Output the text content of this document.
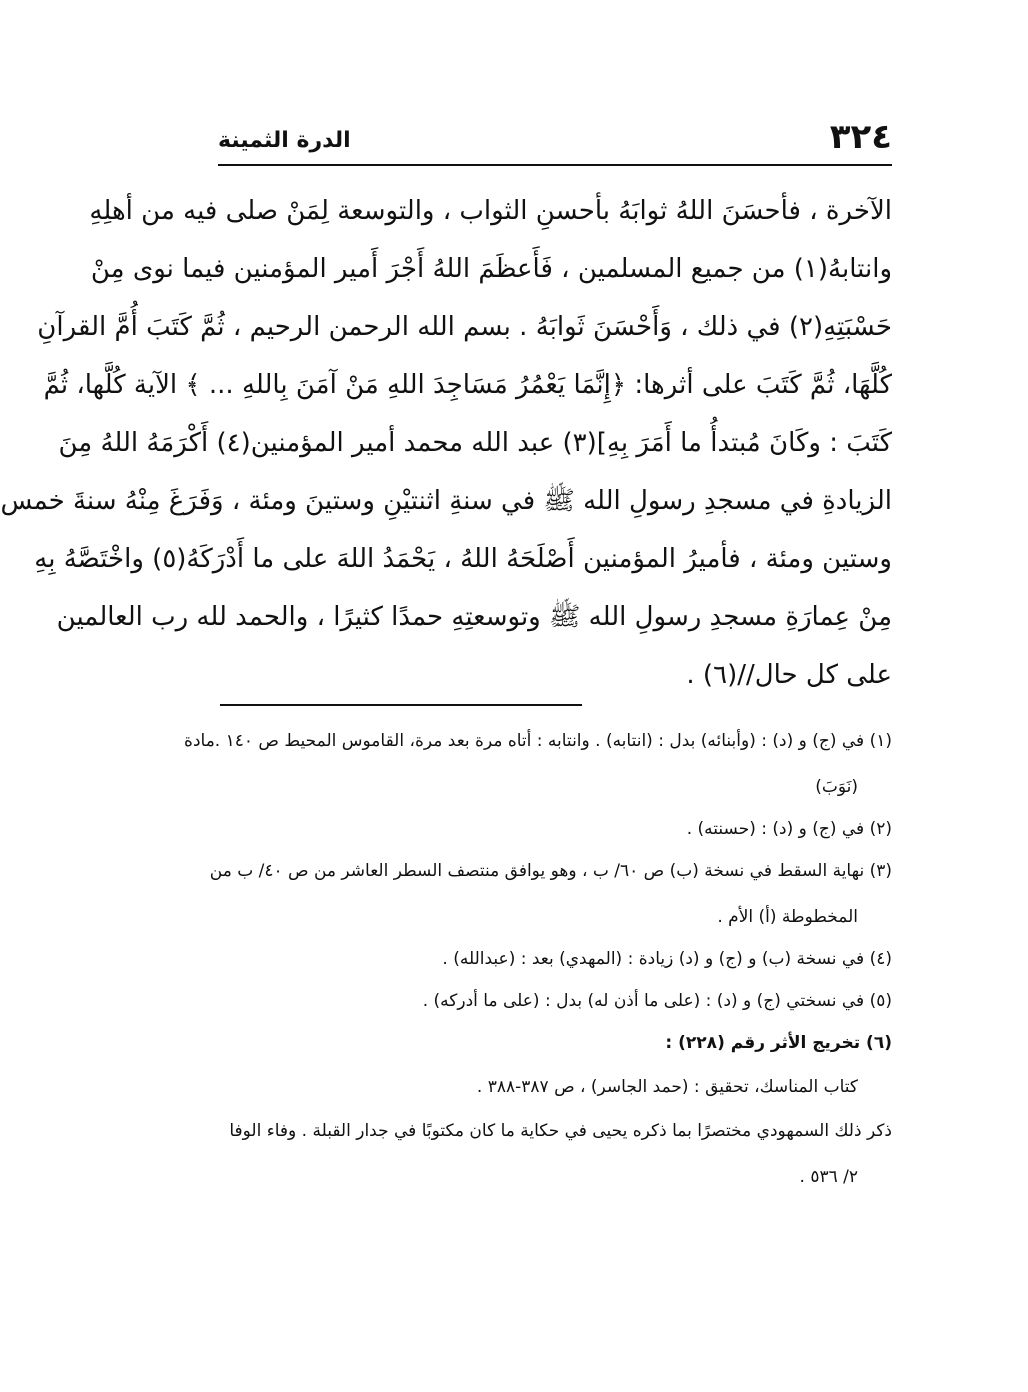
٣٢٤
الدرة الثمينة
الآخرة ، فأحسَنَ اللهُ ثوابَهُ بأحسنِ الثواب ، والتوسعة لِمَنْ صلى فيه من أهلِهِ
وانتابهُ(١) من جميع المسلمين ، فَأَعظَمَ اللهُ أَجْرَ أَمير المؤمنين فيما نوى مِنْ
حَسْبَتِهِ(٢) في ذلك ، وَأَحْسَنَ ثَوابَهُ . بسم الله الرحمن الرحيم ، ثُمَّ كَتَبَ أُمَّ القرآنِ
كُلَّهَا، ثُمَّ كَتَبَ على أثرها: ﴿إِنَّمَا يَعْمُرُ مَسَاجِدَ اللهِ مَنْ آمَنَ بِاللهِ ... ﴾ الآية كُلَّها، ثُمَّ
كَتَبَ : وكَانَ مُبتدأُ ما أَمَرَ بِهِ](٣) عبد الله محمد أمير المؤمنين(٤) أَكْرَمَهُ اللهُ مِنَ
الزيادةِ في مسجدِ رسولِ الله ﷺ في سنةِ اثنتيْنِ وستينَ ومئة ، وَفَرَغَ مِنْهُ سنةَ خمس
وستين ومئة ، فأميرُ المؤمنين أَصْلَحَهُ اللهُ ، يَحْمَدُ اللهَ على ما أَدْرَكَهُ(٥) واخْتَصَّهُ بِهِ
مِنْ عِمارَةِ مسجدِ رسولِ الله ﷺ وتوسعتِهِ حمدًا كثيرًا ، والحمد لله رب العالمين
على كل حال//(٦) .
(١) في (ج) و (د) : (وأبنائه) بدل : (انتابه) . وانتابه : أتاه مرة بعد مرة، القاموس المحيط ص ١٤٠ .مادة
(نَوَبَ)
(٢) في (ج) و (د) : (حسنته) .
(٣) نهاية السقط في نسخة (ب) ص ٦٠/ ب ، وهو يوافق منتصف السطر العاشر من ص ٤٠/ ب من
المخطوطة (أ) الأم .
(٤) في نسخة (ب) و (ج) و (د) زيادة : (المهدي) بعد : (عبدالله) .
(٥) في نسختي (ج) و (د) : (على ما أذن له) بدل : (على ما أدركه) .
(٦) تخريج الأثر رقم (٢٢٨) :
كتاب المناسك، تحقيق : (حمد الجاسر) ، ص ٣٨٧-٣٨٨ .
ذكر ذلك السمهودي مختصرًا بما ذكره يحيى في حكاية ما كان مكتوبًا في جدار القبلة . وفاء الوفا
٢/ ٥٣٦ .
